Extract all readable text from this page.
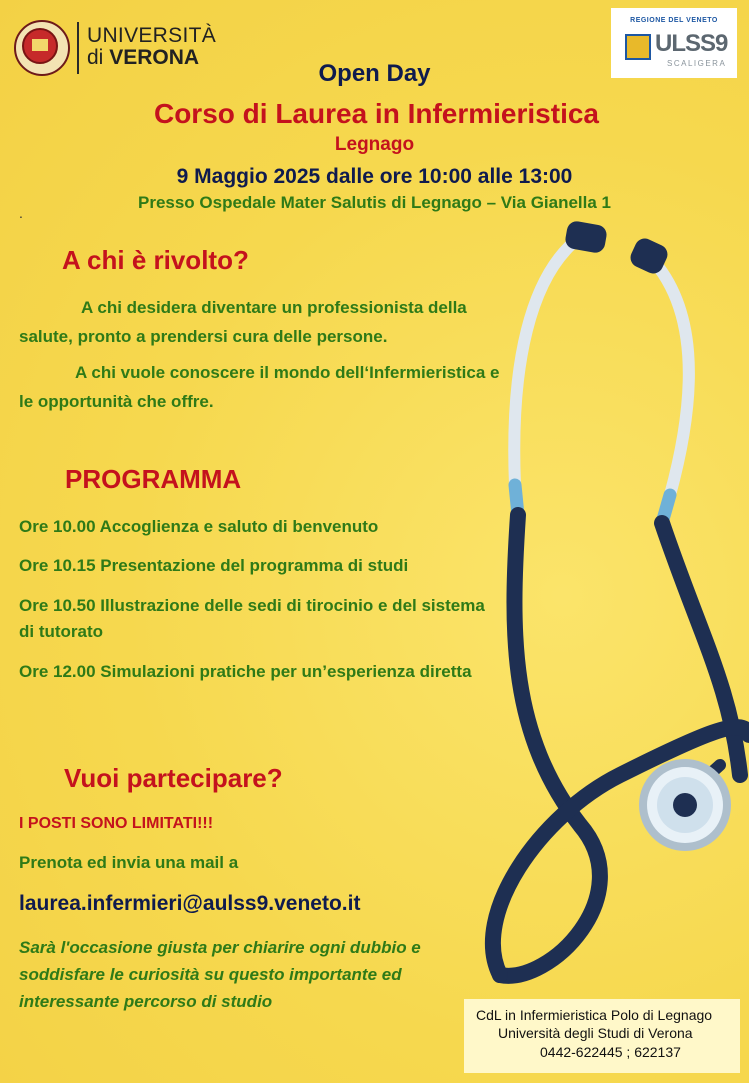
UNIVERSITÀ
di VERONA
REGIONE DEL VENETO
ULSS9
SCALIGERA
Open Day
Corso di Laurea in Infermieristica
Legnago
9 Maggio 2025 dalle ore 10:00 alle 13:00
Presso Ospedale Mater Salutis di Legnago – Via Gianella 1
.
A chi è rivolto?
A chi desidera diventare un professionista della salute, pronto a prendersi cura delle persone.
A chi vuole conoscere il mondo dell‘Infermieristica e le opportunità che offre.
PROGRAMMA
Ore 10.00 Accoglienza e saluto di benvenuto
Ore 10.15 Presentazione del programma di studi
Ore 10.50 Illustrazione delle sedi di tirocinio e del sistema di tutorato
Ore 12.00 Simulazioni pratiche per un’esperienza diretta
Vuoi partecipare?
I POSTI SONO LIMITATI!!!
Prenota ed invia una mail a
laurea.infermieri@aulss9.veneto.it
Sarà l'occasione giusta per chiarire ogni dubbio e soddisfare le curiosità su questo importante ed interessante percorso di studio
CdL in Infermieristica Polo di Legnago
Università degli Studi di Verona
0442-622445 ; 622137
